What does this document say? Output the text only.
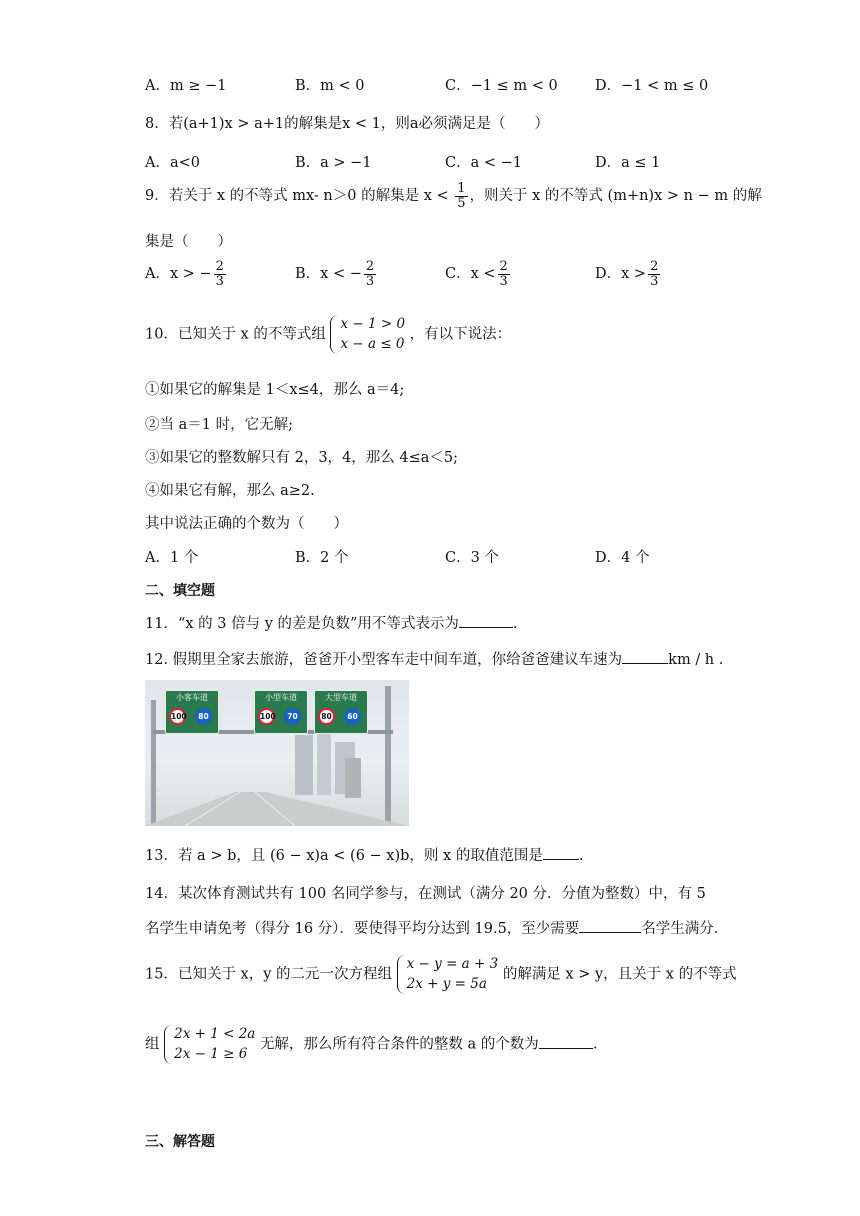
A．m ≥ −1	B．m < 0	C．−1 ≤ m < 0	D．−1 < m ≤ 0
8．若(a+1)x > a+1的解集是x < 1，则a必须满足是（　　）
A．a<0	B．a > −1	C．a < −1	D．a ≤ 1
9．若关于 x 的不等式 mx- n＞0 的解集是 $x < \frac{1}{5}$ ，则关于 x 的不等式 (m+n)x > n − m 的解
集是（　　）
A．x > − $\frac{2}{3}$	B．x < − $\frac{2}{3}$	C．$x < \frac{2}{3}$	D．$x > \frac{2}{3}$
10．已知关于 x 的不等式组
x − 1 > 0
x − a ≤ 0
，有以下说法：
①如果它的解集是 1＜x≤4，那么 a＝4;
②当 a＝1 时，它无解;
③如果它的整数解只有 2，3，4，那么 4≤a＜5;
④如果它有解，那么 a≥2.
其中说法正确的个数为（　　）
A．1 个	B．2 个	C．3 个	D．4 个
二、填空题
11．“x 的 3 倍与 y 的差是负数”用不等式表示为	.
12. 假期里全家去旅游，爸爸开小型客车走中间车道，你给爸爸建议车速为	km / h .
小客车道
100	80
小型车道
100	70
大型车道
80	60
13．若 a > b，且 (6 − x)a < (6 − x)b，则 x 的取值范围是 .
14．某次体育测试共有 100 名同学参与，在测试（满分 20 分．分值为整数）中，有 5
名学生申请免考（得分 16 分）．要使得平均分达到 19.5，至少需要	名学生满分.
15．已知关于 x，y 的二元一次方程组
x − y = a + 3
2x + y = 5a
的解满足 x > y，且关于 x 的不等式
组
2x + 1 < 2a
2x − 1 ≥ 6
无解，那么所有符合条件的整数 a 的个数为	.
三、解答题
